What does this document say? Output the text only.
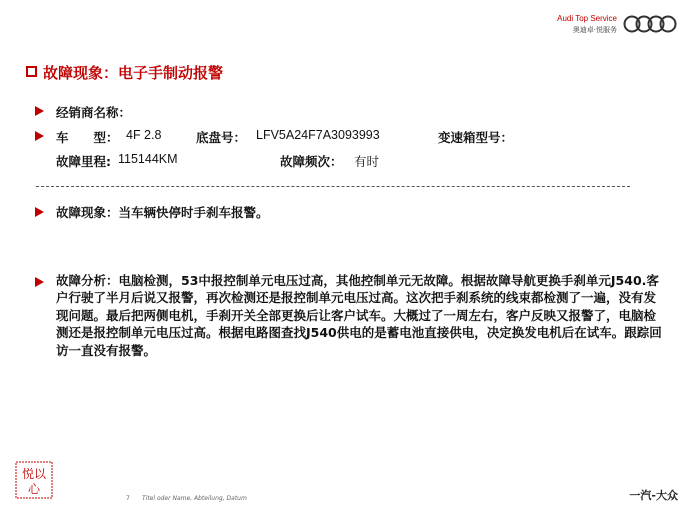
Audi Top Service
奥迪卓·悦服务
故障现象：电子手制动报警
经销商名称：
车　　型： 4F 2.8	底盘号： LFV5A24F7A3093993	变速箱型号：
故障里程: 115144KM	故障频次： 有时
故障现象：当车辆快停时手刹车报警。
故障分析：电脑检测，53中报控制单元电压过高，其他控制单元无故障。根据故障导航更换手刹单元J540.客户行驶了半月后说又报警，再次检测还是报控制单元电压过高。这次把手刹系统的线束都检测了一遍，没有发现问题。最后把两侧电机，手刹开关全部更换后让客户试车。大概过了一周左右，客户反映又报警了，电脑检测还是报控制单元电压过高。根据电路图查找J540供电的是蓄电池直接供电，决定换发电机后在试车。跟踪回访一直没有报警。
悦以
心
7 Titel oder Name, Abteilung, Datum	一汽-大众
